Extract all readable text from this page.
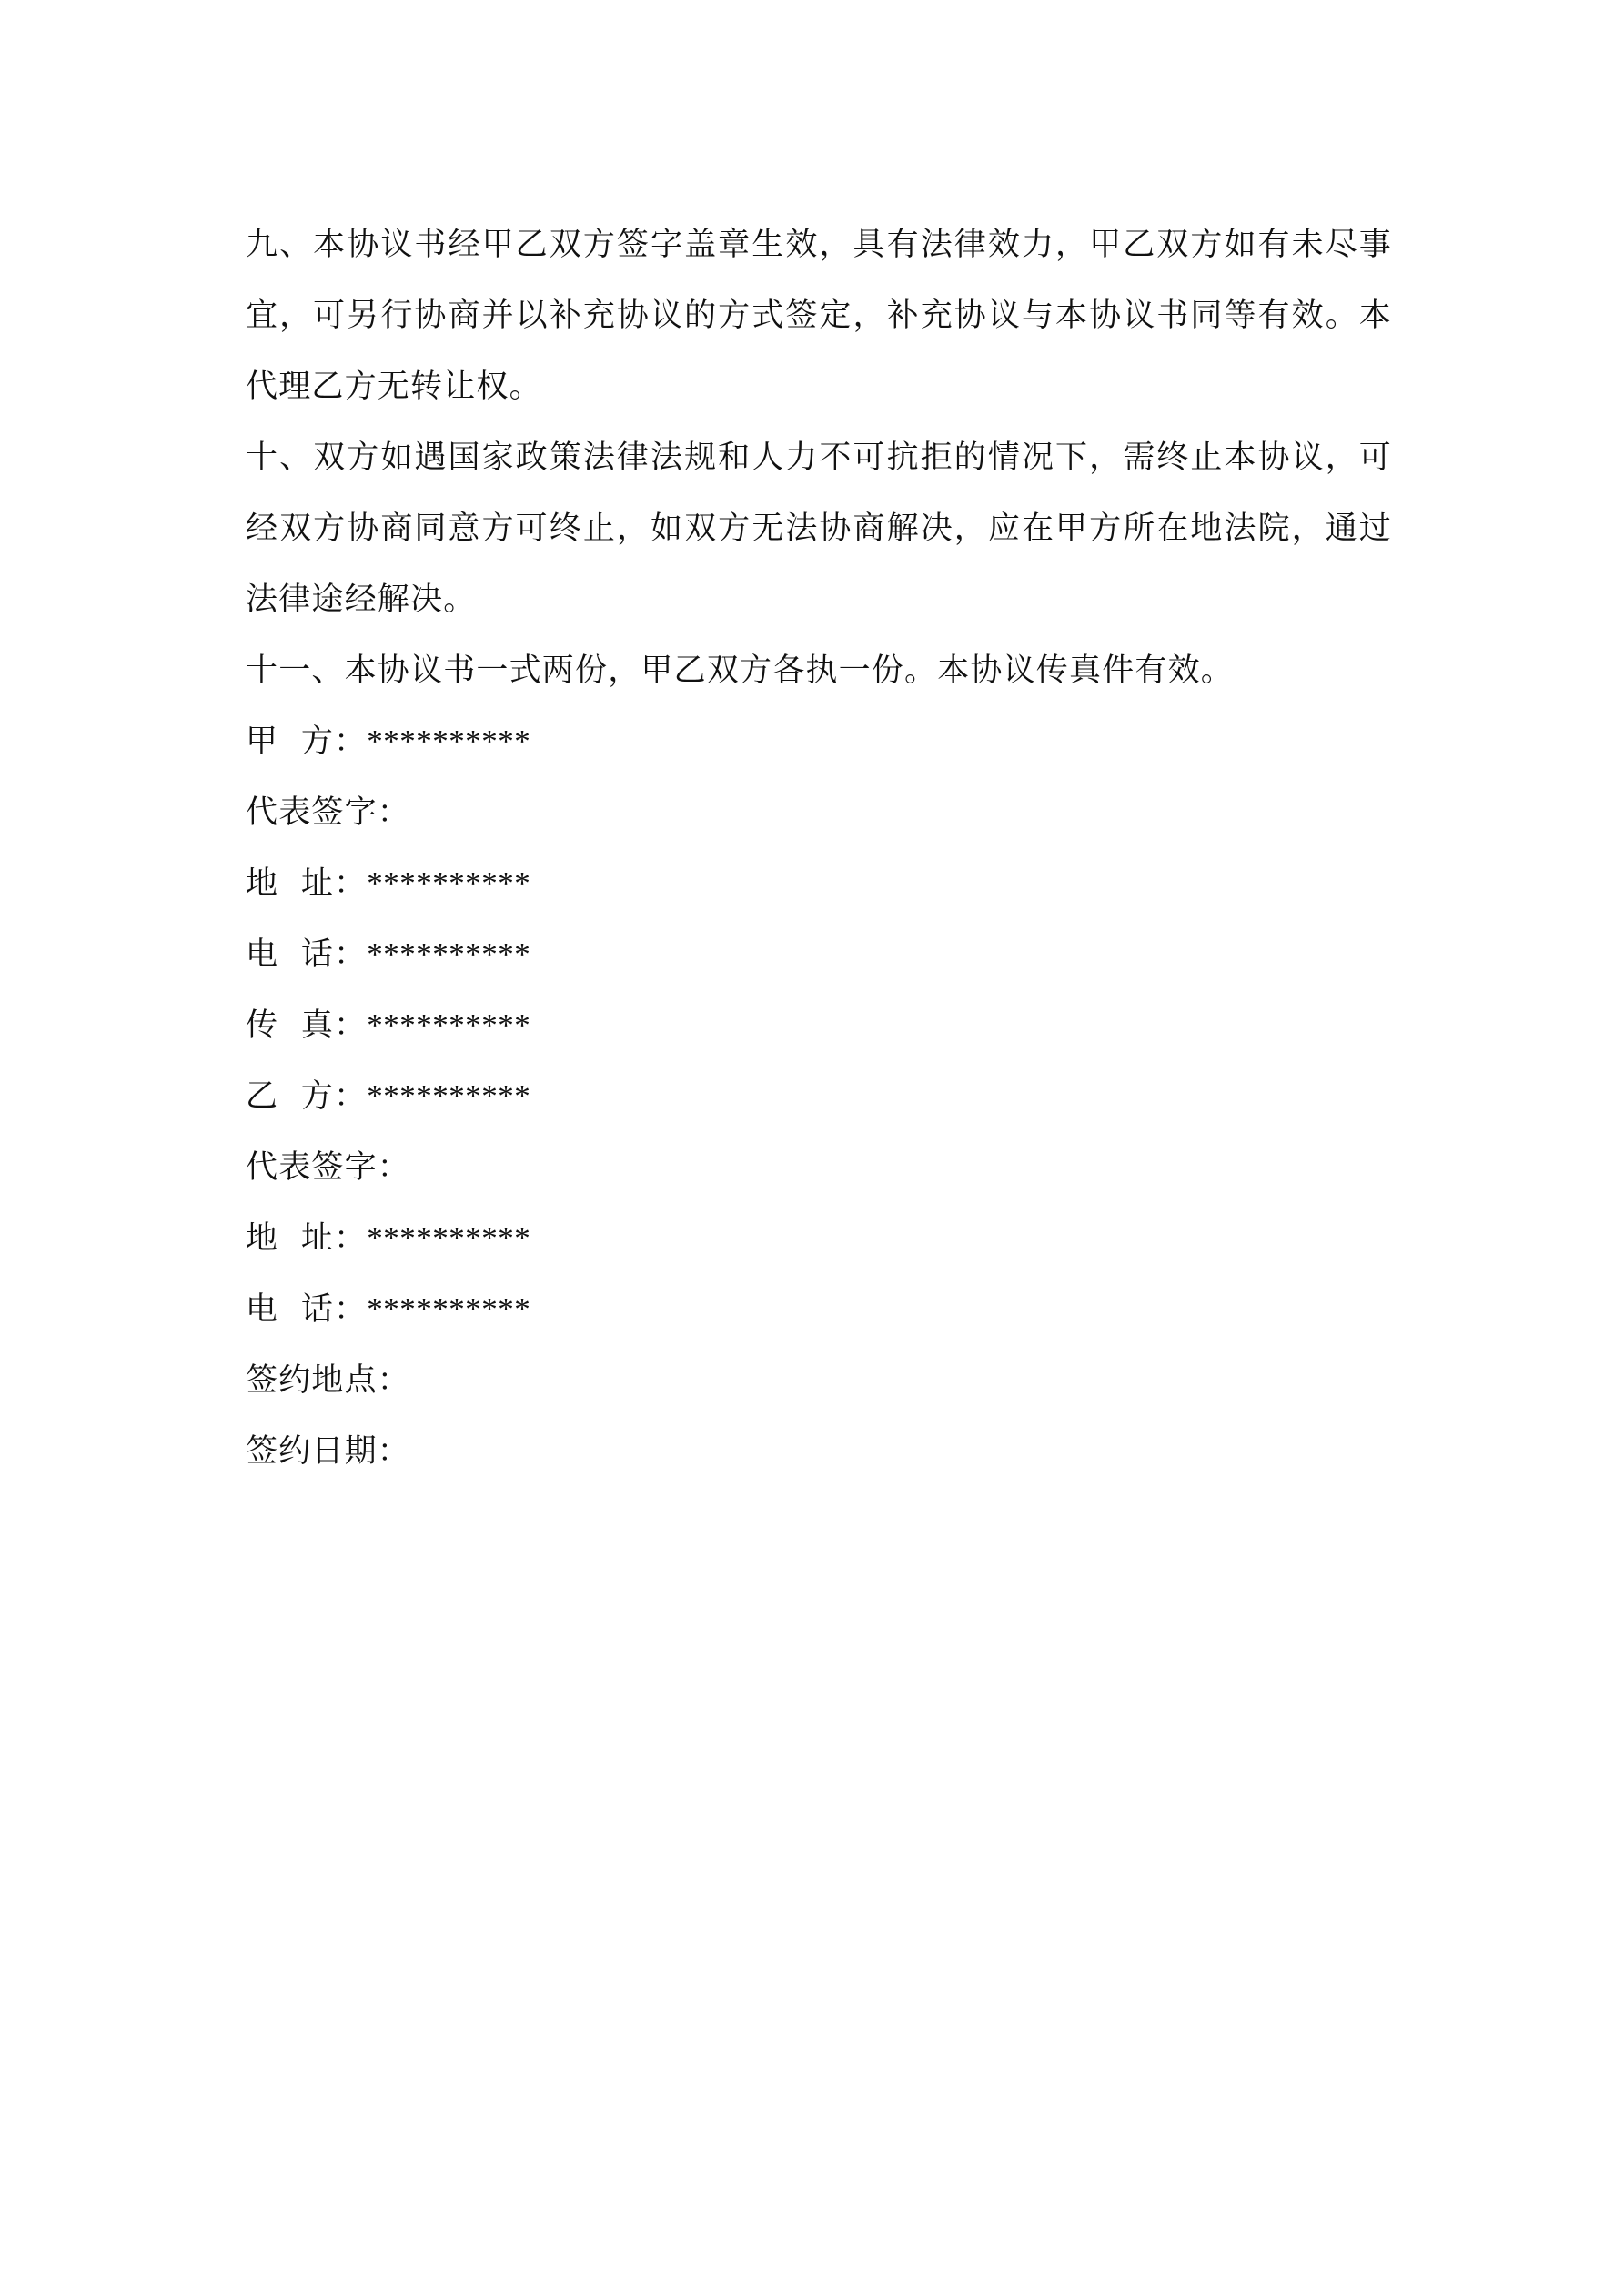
九、本协议书经甲乙双方签字盖章生效，具有法律效力，甲乙双方如有未尽事宜，可另行协商并以补充协议的方式签定，补充协议与本协议书同等有效。本代理乙方无转让权。

十、双方如遇国家政策法律法规和人力不可抗拒的情况下，需终止本协议，可经双方协商同意方可终止，如双方无法协商解决，应在甲方所在地法院，通过法律途经解决。

十一、本协议书一式两份，甲乙双方各执一份。本协议传真件有效。

甲  方：**********

代表签字：

地  址：**********

电  话：**********

传  真：**********

乙  方：**********

代表签字：

地  址：**********

电  话：**********

签约地点：

签约日期：
